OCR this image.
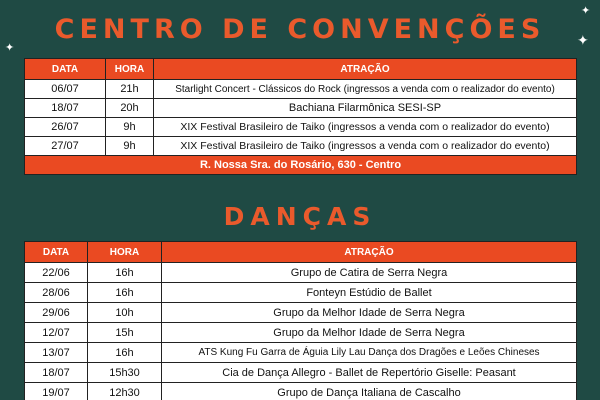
✦
✦
✦
CENTRO DE CONVENÇÕES
DATA	HORA	ATRAÇÃO
06/07	21h	Starlight Concert - Clássicos do Rock (ingressos a venda com o realizador do evento)
18/07	20h	Bachiana Filarmônica SESI-SP
26/07	9h	XIX Festival Brasileiro de Taiko (ingressos a venda com o realizador do evento)
27/07	9h	XIX Festival Brasileiro de Taiko (ingressos a venda com o realizador do evento)
R. Nossa Sra. do Rosário, 630 - Centro		
DANÇAS
DATA	HORA	ATRAÇÃO
22/06	16h	Grupo de Catira de Serra Negra
28/06	16h	Fonteyn Estúdio de Ballet
29/06	10h	Grupo da Melhor Idade de Serra Negra
12/07	15h	Grupo da Melhor Idade de Serra Negra
13/07	16h	ATS Kung Fu Garra de Águia Lily Lau Dança dos Dragões e Leões Chineses
18/07	15h30	Cia de Dança Allegro - Ballet de Repertório Giselle: Peasant
19/07	12h30	Grupo de Dança Italiana de Cascalho
